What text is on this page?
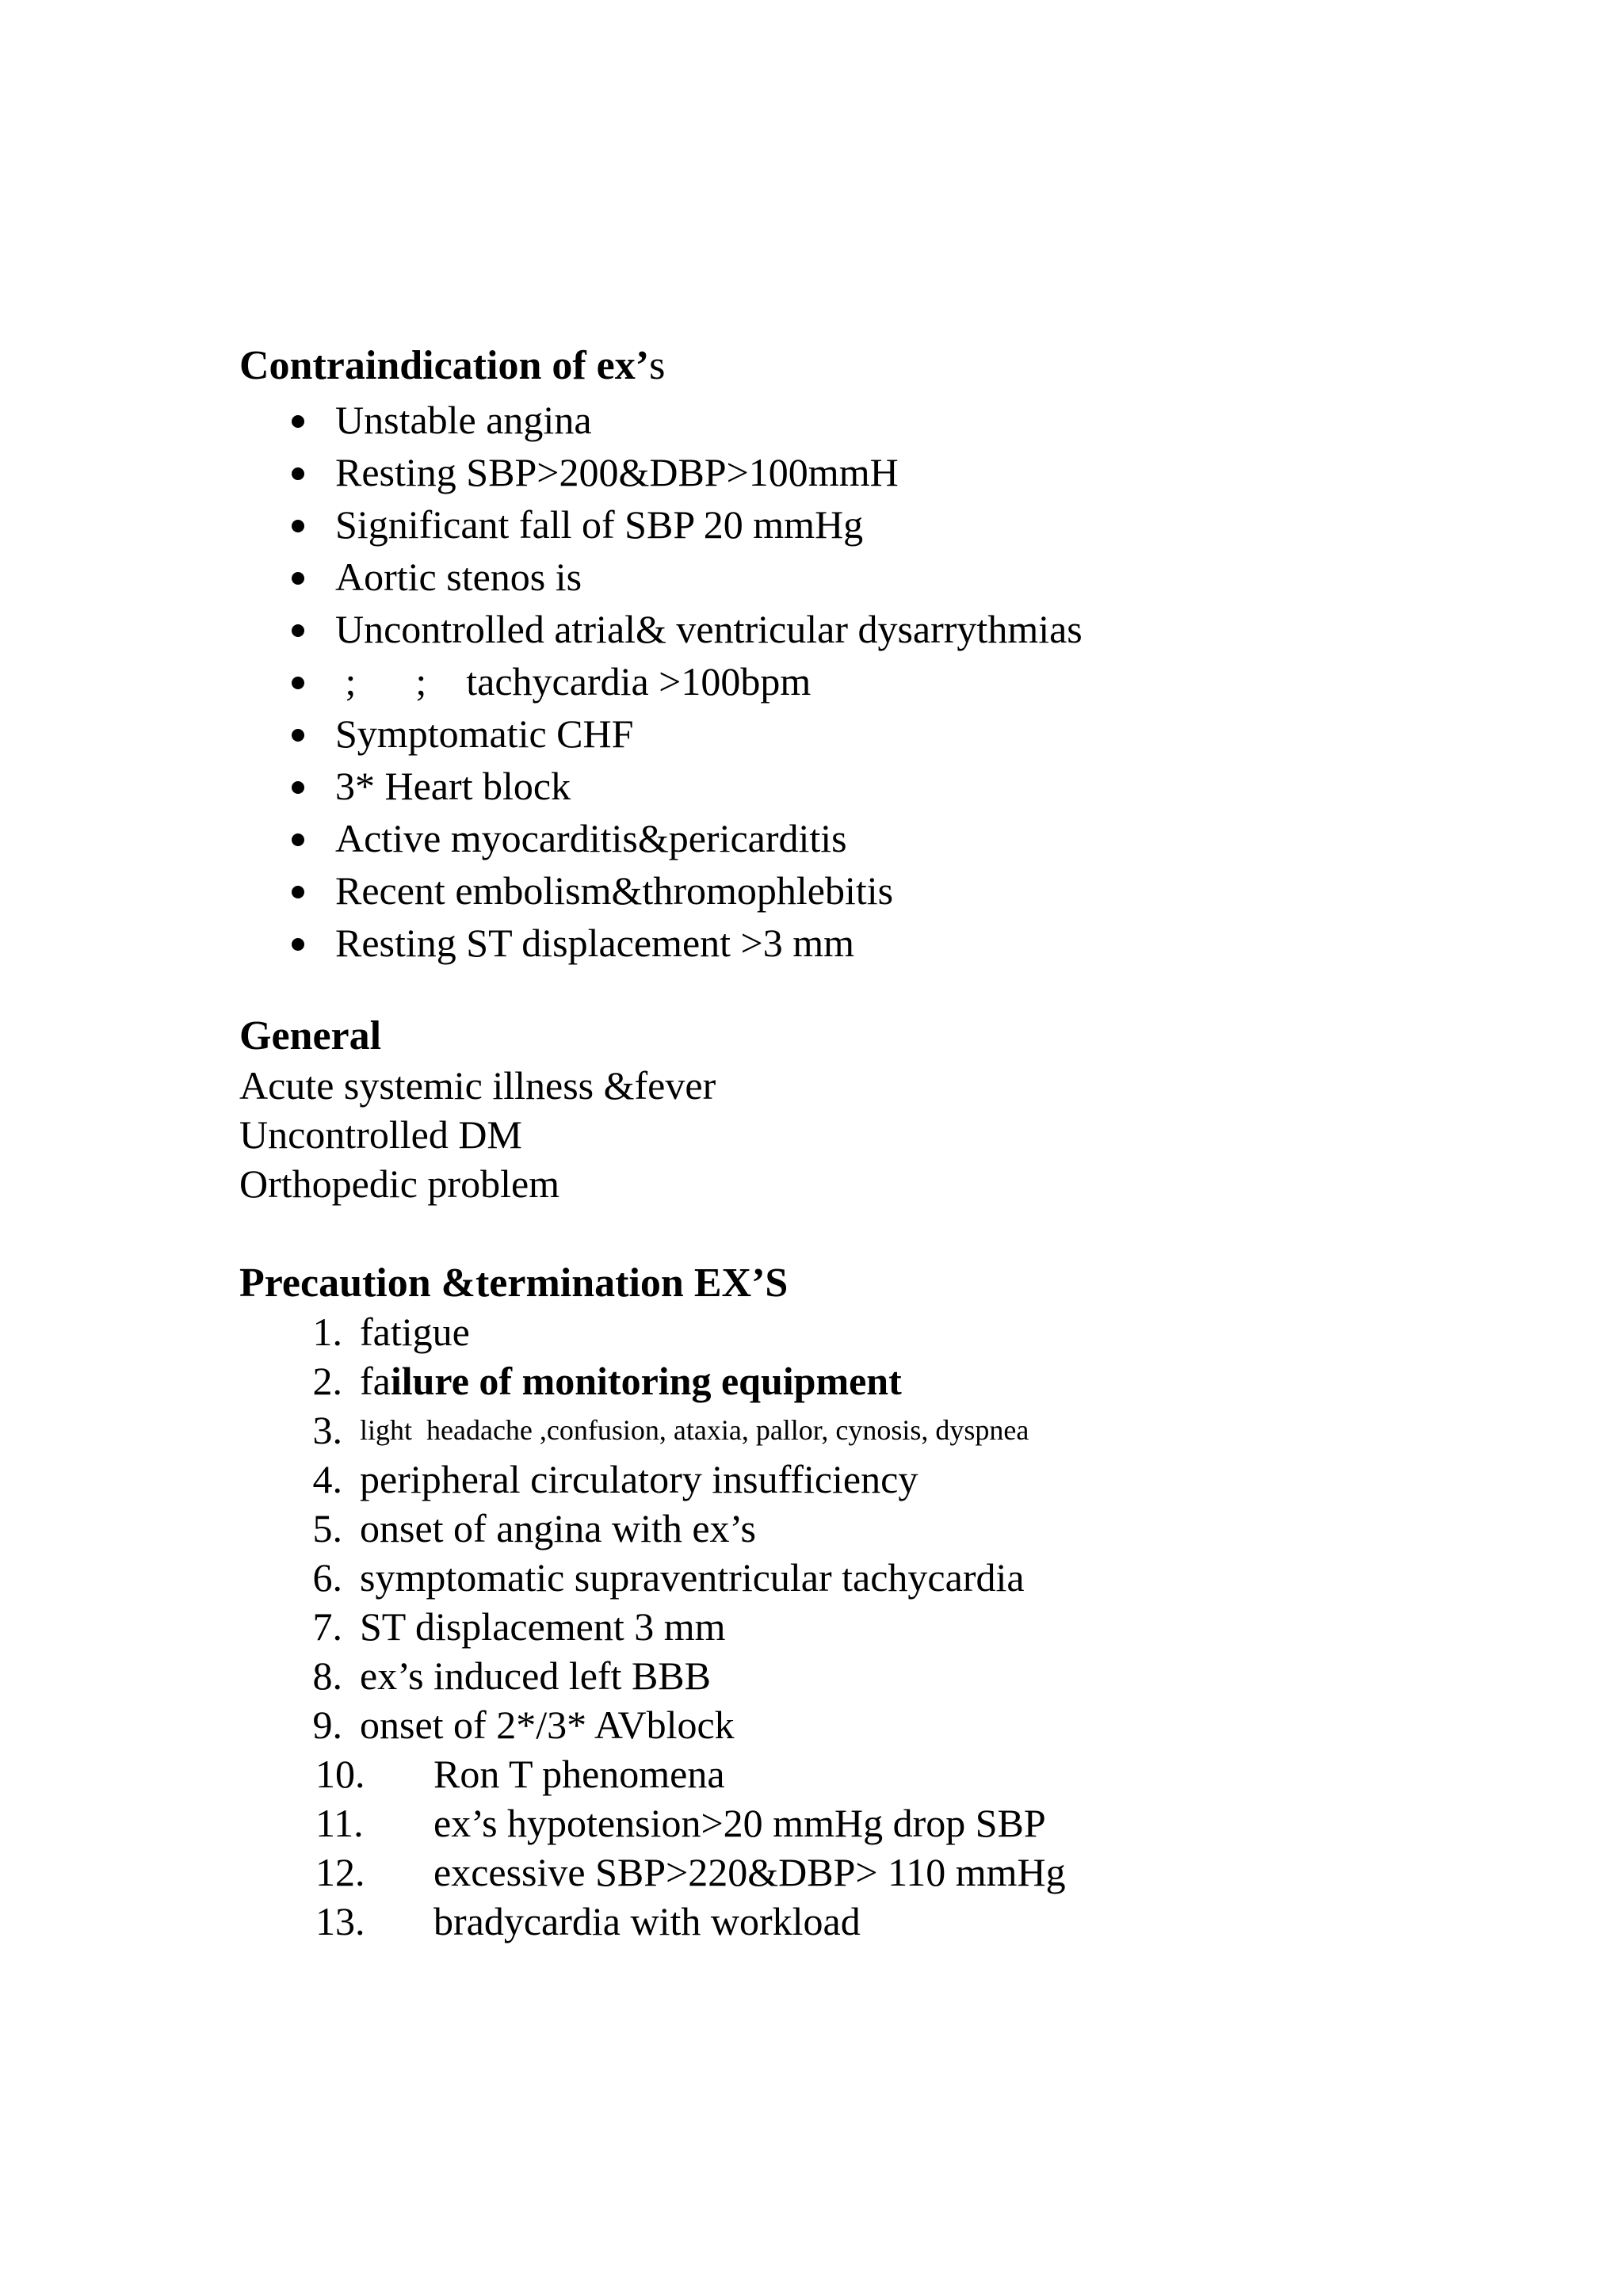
Contraindication of ex’s
Unstable angina
Resting SBP>200&DBP>100mmH
Significant fall of SBP 20 mmHg
Aortic stenos is
Uncontrolled atrial& ventricular dysarrythmias
;      ;    tachycardia >100bpm
Symptomatic CHF
3* Heart block
Active myocarditis&pericarditis
Recent embolism&thromophlebitis
Resting ST displacement >3 mm
General
Acute systemic illness &fever
Uncontrolled DM
Orthopedic problem
Precaution &termination EX’S
1. fatigue
2. failure of monitoring equipment
3. light  headache ,confusion, ataxia, pallor, cynosis, dyspnea
4. peripheral circulatory insufficiency
5. onset of angina with ex’s
6. symptomatic supraventricular tachycardia
7. ST displacement 3 mm
8. ex’s induced left BBB
9. onset of 2*/3* AVblock
10. Ron T phenomena
11. ex’s hypotension>20 mmHg drop SBP
12. excessive SBP>220&DBP> 110 mmHg
13. bradycardia with workload
